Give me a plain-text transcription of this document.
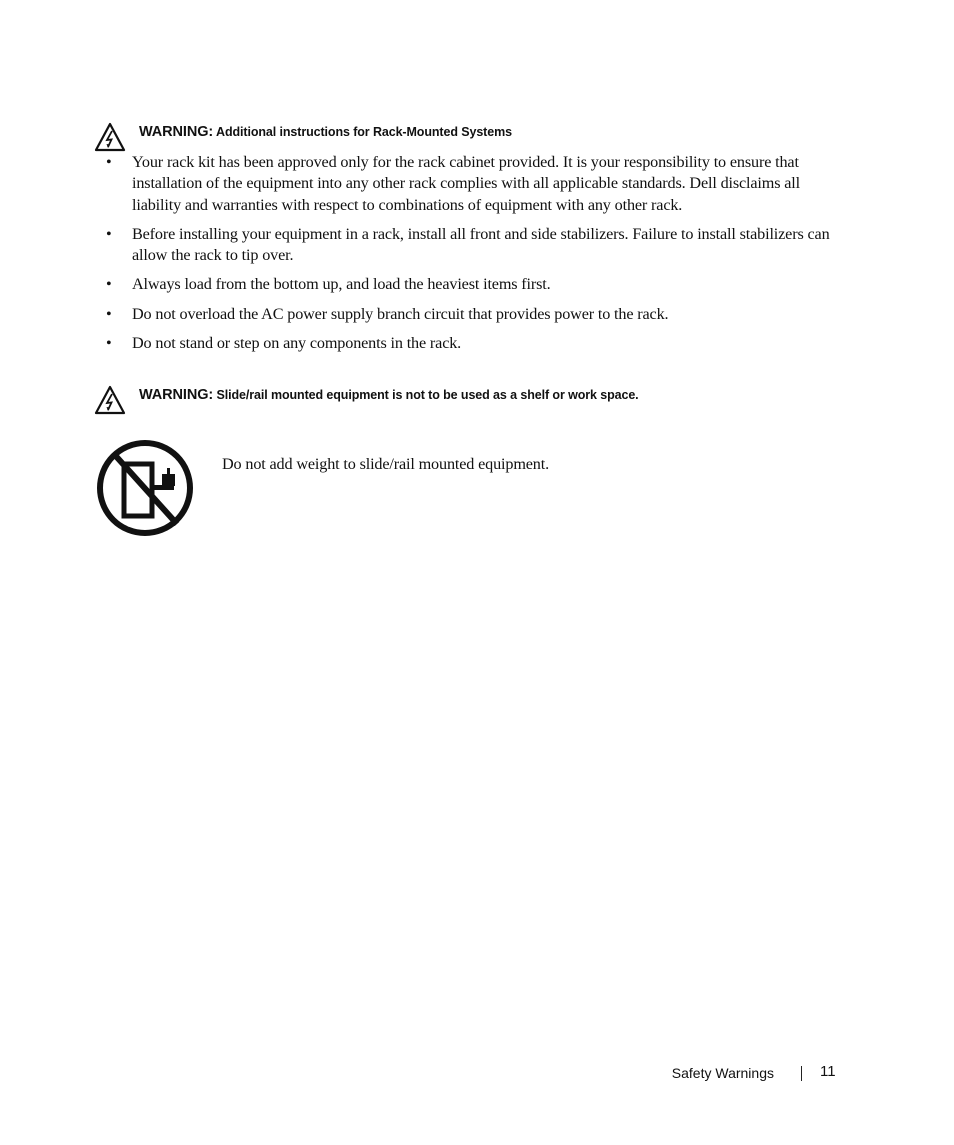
WARNING: Additional instructions for Rack-Mounted Systems
• Your rack kit has been approved only for the rack cabinet provided. It is your responsibility to ensure that installation of the equipment into any other rack complies with all applicable standards. Dell disclaims all liability and warranties with respect to combinations of equipment with any other rack.
• Before installing your equipment in a rack, install all front and side stabilizers. Failure to install stabilizers can allow the rack to tip over.
• Always load from the bottom up, and load the heaviest items first.
• Do not overload the AC power supply branch circuit that provides power to the rack.
• Do not stand or step on any components in the rack.
WARNING: Slide/rail mounted equipment is not to be used as a shelf or work space.
Do not add weight to slide/rail mounted equipment.
Safety Warnings	11
